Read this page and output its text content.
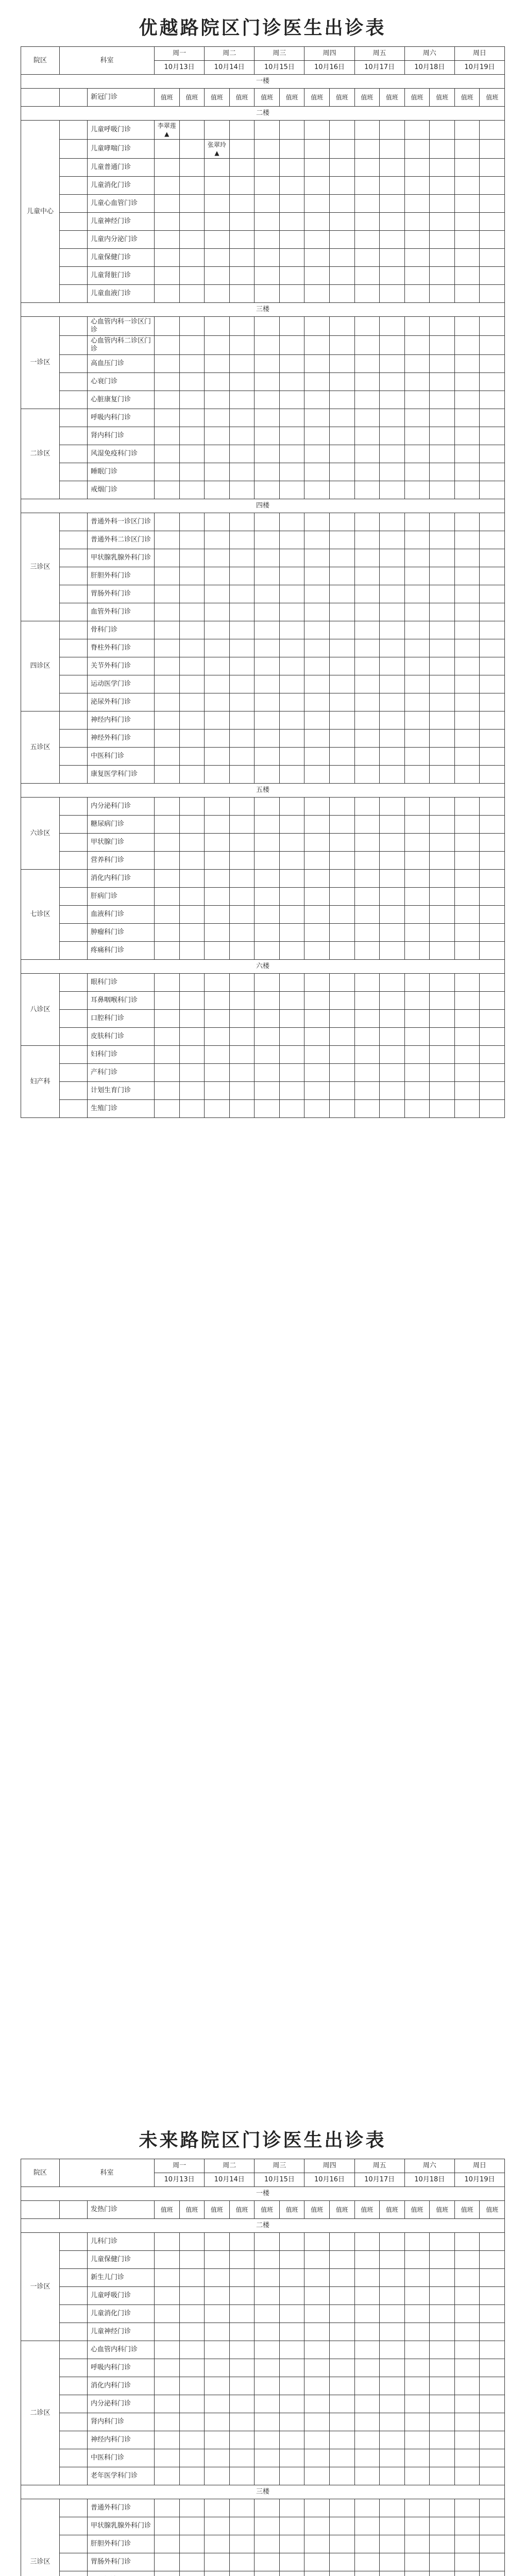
优越路院区门诊医生出诊表
院区	科室		周一		周二		周三		周四		周五		周六		周日	
			10月13日		10月14日		10月15日		10月16日		10月17日		10月18日		10月19日	
一楼																
		新冠门诊	值班	值班	值班	值班	值班	值班	值班	值班	值班	值班	值班	值班	值班	值班
二楼																
儿童中心		儿童呼吸门诊	李翠莲▲													
		儿童哮喘门诊			张翠玲▲											
		儿童普通门诊														
		儿童消化门诊														
		儿童心血管门诊														
		儿童神经门诊														
		儿童内分泌门诊														
		儿童保健门诊														
		儿童肾脏门诊														
		儿童血液门诊														
三楼																
一诊区		心血管内科一诊区门诊														
		心血管内科二诊区门诊														
		高血压门诊														
		心衰门诊														
		心脏康复门诊														
二诊区		呼吸内科门诊														
		肾内科门诊														
		风湿免疫科门诊														
		睡眠门诊														
		戒烟门诊														
四楼																
三诊区		普通外科一诊区门诊														
		普通外科二诊区门诊														
		甲状腺乳腺外科门诊														
		肝胆外科门诊														
		胃肠外科门诊														
		血管外科门诊														
四诊区		骨科门诊														
		脊柱外科门诊														
		关节外科门诊														
		运动医学门诊														
		泌尿外科门诊														
五诊区		神经内科门诊														
		神经外科门诊														
		中医科门诊														
		康复医学科门诊														
五楼																
六诊区		内分泌科门诊														
		糖尿病门诊														
		甲状腺门诊														
		营养科门诊														
七诊区		消化内科门诊														
		肝病门诊														
		血液科门诊														
		肿瘤科门诊														
		疼痛科门诊														
六楼																
八诊区		眼科门诊														
		耳鼻咽喉科门诊														
		口腔科门诊														
		皮肤科门诊														
妇产科		妇科门诊														
		产科门诊														
		计划生育门诊														
		生殖门诊														
未来路院区门诊医生出诊表
院区	科室		周一		周二		周三		周四		周五		周六		周日	
			10月13日		10月14日		10月15日		10月16日		10月17日		10月18日		10月19日	
一楼																
		发热门诊	值班	值班	值班	值班	值班	值班	值班	值班	值班	值班	值班	值班	值班	值班
二楼																
一诊区		儿科门诊														
		儿童保健门诊														
		新生儿门诊														
		儿童呼吸门诊														
		儿童消化门诊														
		儿童神经门诊														
二诊区		心血管内科门诊														
		呼吸内科门诊														
		消化内科门诊														
		内分泌科门诊														
		肾内科门诊														
		神经内科门诊														
		中医科门诊														
		老年医学科门诊														
三楼																
三诊区		普通外科门诊														
		甲状腺乳腺外科门诊														
		肝胆外科门诊														
		胃肠外科门诊														
